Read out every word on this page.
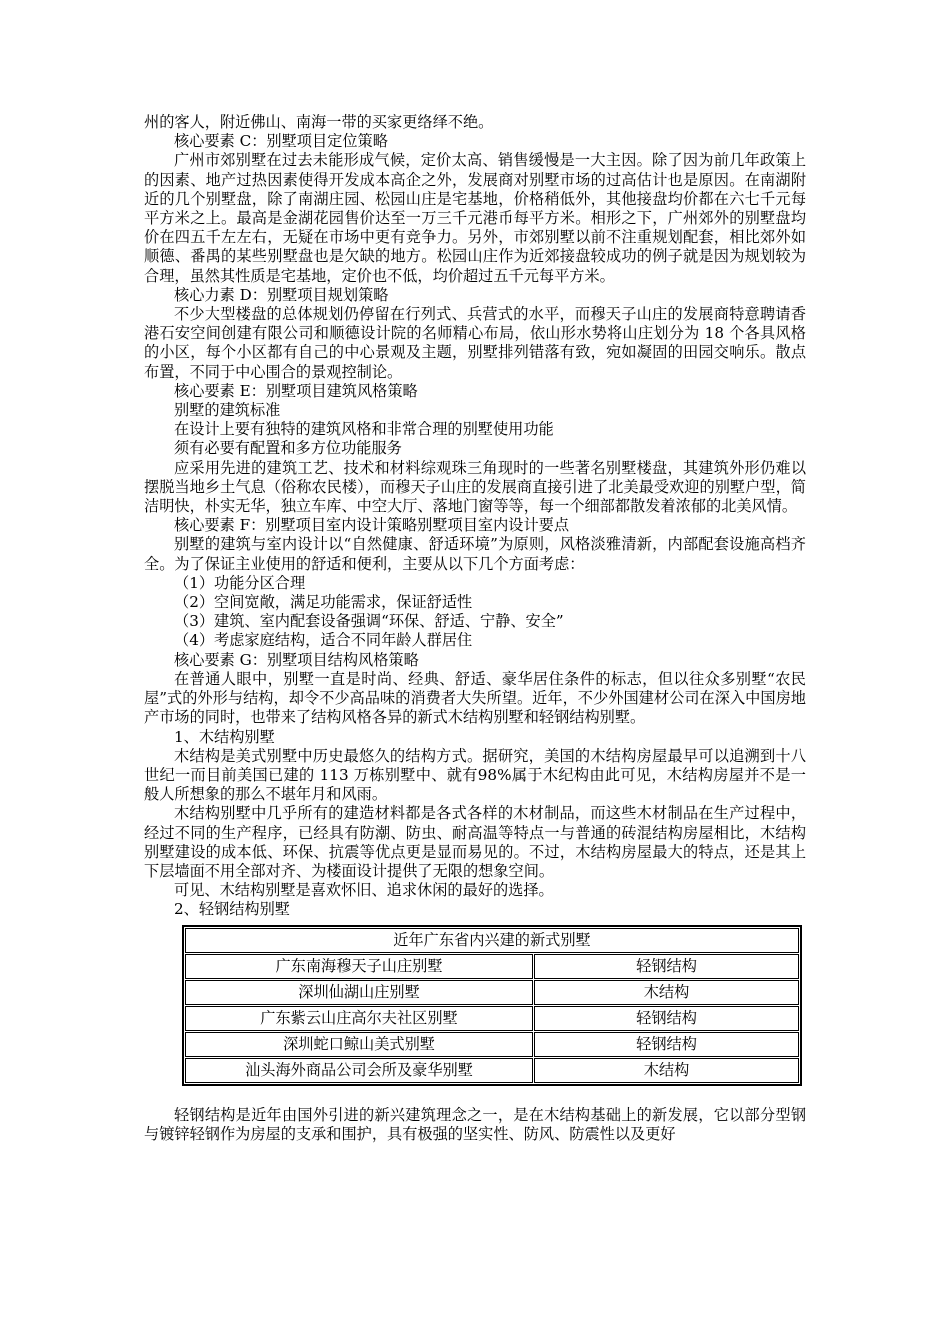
州的客人，附近佛山、南海一带的买家更络绎不绝。

核心要素 C：别墅项目定位策略

广州市郊别墅在过去未能形成气候，定价太高、销售缓慢是一大主因。除了因为前几年政策上的因素、地产过热因素使得开发成本高企之外，发展商对别墅市场的过高估计也是原因。在南湖附近的几个别墅盘，除了南湖庄园、松园山庄是宅基地，价格稍低外，其他接盘均价都在六七千元每平方米之上。最高是金湖花园售价达至一万三千元港币每平方米。相形之下，广州郊外的别墅盘均价在四五千左左右，无疑在市场中更有竞争力。另外，市郊别墅以前不注重规划配套，相比郊外如顺德、番禺的某些别墅盘也是欠缺的地方。松园山庄作为近郊接盘较成功的例子就是因为规划较为合理，虽然其性质是宅基地，定价也不低，均价超过五千元每平方米。

核心力素 D：别墅项目规划策略

不少大型楼盘的总体规划仍停留在行列式、兵营式的水平，而穆天子山庄的发展商特意聘请香港石安空间创建有限公司和顺德设计院的名师精心布局，依山形水势将山庄划分为 18 个各具风格的小区，每个小区都有自己的中心景观及主题，别墅排列错落有致，宛如凝固的田园交响乐。散点布置，不同于中心围合的景观控制论。

核心要素 E：别墅项目建筑风格策略

别墅的建筑标准

在设计上要有独特的建筑风格和非常合理的别墅使用功能

须有必要有配置和多方位功能服务

应采用先进的建筑工艺、技术和材料综观珠三角现时的一些著名别墅楼盘，其建筑外形仍难以摆脱当地乡土气息（俗称农民楼），而穆天子山庄的发展商直接引进了北美最受欢迎的别墅户型，简洁明快，朴实无华，独立车库、中空大厅、落地门窗等等，每一个细部都散发着浓郁的北美风情。

核心要素 F：别墅项目室内设计策略别墅项目室内设计要点

别墅的建筑与室内设计以“自然健康、舒适环境”为原则，风格淡雅清新，内部配套设施高档齐全。为了保证主业使用的舒适和便利，主要从以下几个方面考虑：

（1）功能分区合理

（2）空间宽敞，满足功能需求，保证舒适性

（3）建筑、室内配套设备强调“环保、舒适、宁静、安全”

（4）考虑家庭结构，适合不同年龄人群居住

核心要素 G：别墅项目结构风格策略

在普通人眼中，别墅一直是时尚、经典、舒适、豪华居住条件的标志，但以往众多别墅“农民屋”式的外形与结构，却令不少高品味的消费者大失所望。近年，不少外国建材公司在深入中国房地产市场的同时，也带来了结构风格各异的新式木结构别墅和轻钢结构别墅。

1、木结构别墅

木结构是美式别墅中历史最悠久的结构方式。据研究，美国的木结构房屋最早可以追溯到十八世纪一而目前美国已建的 113 万栋别墅中、就有98%属于木纪构由此可见，木结构房屋并不是一般人所想象的那么不堪年月和风雨。

木结构别墅中几乎所有的建造材料都是各式各样的木材制品，而这些木材制品在生产过程中，经过不同的生产程序，已经具有防潮、防虫、耐高温等特点一与普通的砖混结构房屋相比，木结构别墅建设的成本低、环保、抗震等优点更是显而易见的。不过，木结构房屋最大的特点，还是其上下层墙面不用全部对齐、为楼面设计提供了无限的想象空间。

可见、木结构别墅是喜欢怀旧、追求休闲的最好的选择。

2、轻钢结构别墅

近年广东省内兴建的新式别墅	
广东南海穆天子山庄别墅	轻钢结构
深圳仙湖山庄别墅	木结构
广东紫云山庄高尔夫社区别墅	轻钢结构
深圳蛇口鲸山美式别墅	轻钢结构
汕头海外商品公司会所及豪华别墅	木结构

轻钢结构是近年由国外引进的新兴建筑理念之一，是在木结构基础上的新发展，它以部分型钢与镀锌轻钢作为房屋的支承和围护，具有极强的坚实性、防风、防震性以及更好
